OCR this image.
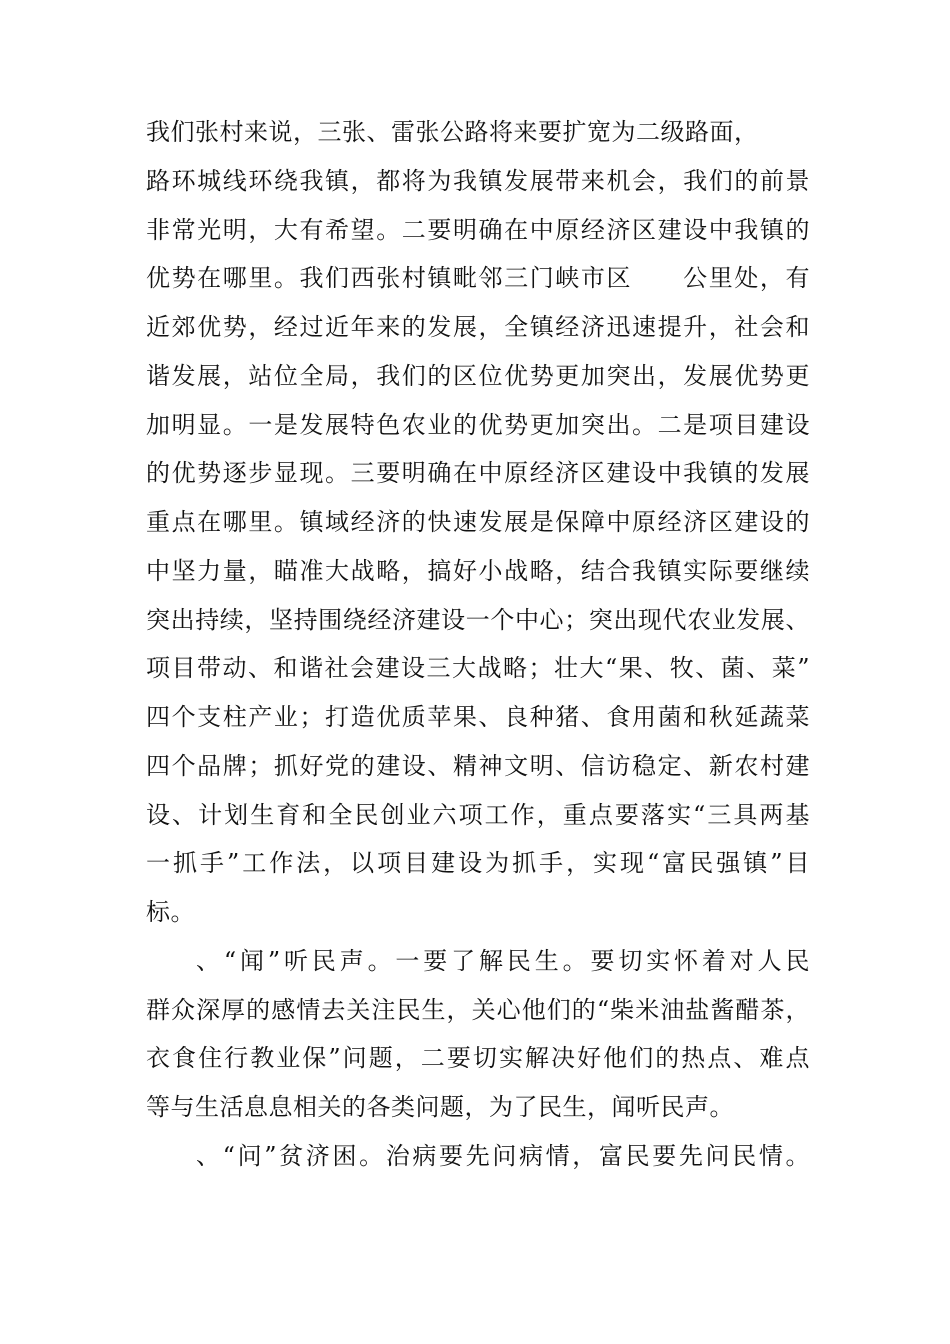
我们张村来说，三张、雷张公路将来要扩宽为二级路面，
路环城线环绕我镇，都将为我镇发展带来机会，我们的前景
非常光明，大有希望。二要明确在中原经济区建设中我镇的
优势在哪里。我们西张村镇毗邻三门峡市区　　公里处，有
近郊优势，经过近年来的发展，全镇经济迅速提升，社会和
谐发展，站位全局，我们的区位优势更加突出，发展优势更
加明显。一是发展特色农业的优势更加突出。二是项目建设
的优势逐步显现。三要明确在中原经济区建设中我镇的发展
重点在哪里。镇域经济的快速发展是保障中原经济区建设的
中坚力量，瞄准大战略，搞好小战略，结合我镇实际要继续
突出持续，坚持围绕经济建设一个中心；突出现代农业发展、
项目带动、和谐社会建设三大战略；壮大“果、牧、菌、菜”
四个支柱产业；打造优质苹果、良种猪、食用菌和秋延蔬菜
四个品牌；抓好党的建设、精神文明、信访稳定、新农村建
设、计划生育和全民创业六项工作，重点要落实“三具两基
一抓手”工作法，以项目建设为抓手，实现“富民强镇”目
标。
、“闻”听民声。一要了解民生。要切实怀着对人民
群众深厚的感情去关注民生，关心他们的“柴米油盐酱醋茶，
衣食住行教业保”问题，二要切实解决好他们的热点、难点
等与生活息息相关的各类问题，为了民生，闻听民声。
、“问”贫济困。治病要先问病情，富民要先问民情。
